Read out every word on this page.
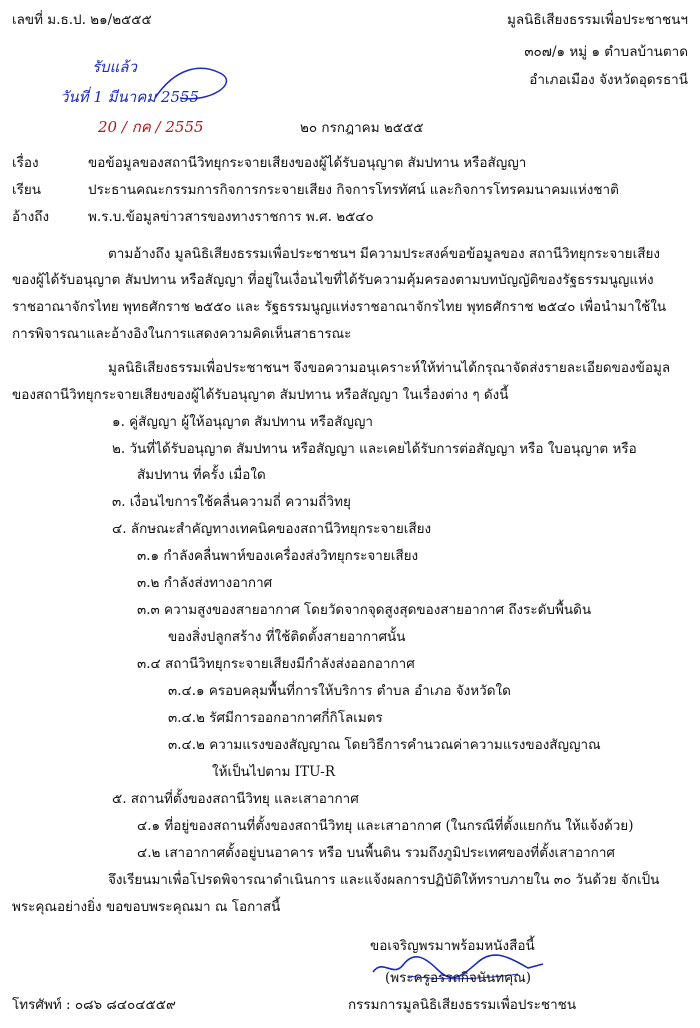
เลขที่ ม.ธ.ป. ๒๑/๒๕๕๕	มูลนิธิเสียงธรรมเพื่อประชาชนฯ
๓๐๗/๑ หมู่ ๑ ตำบลบ้านตาด
อำเภอเมือง จังหวัดอุดรธานี
รับแล้ว
วันที่ 1 มีนาคม 2555
20 / กค / 2555	๒๐ กรกฎาคม ๒๕๕๕
เรื่อง	ขอข้อมูลของสถานีวิทยุกระจายเสียงของผู้ได้รับอนุญาต สัมปทาน หรือสัญญา
เรียน	ประธานคณะกรรมการกิจการกระจายเสียง กิจการโทรทัศน์ และกิจการโทรคมนาคมแห่งชาติ
อ้างถึง	พ.ร.บ.ข้อมูลข่าวสารของทางราชการ พ.ศ. ๒๕๔๐
ตามอ้างถึง มูลนิธิเสียงธรรมเพื่อประชาชนฯ มีความประสงค์ขอข้อมูลของ สถานีวิทยุกระจายเสียง
ของผู้ได้รับอนุญาต สัมปทาน หรือสัญญา ที่อยู่ในเงื่อนไขที่ได้รับความคุ้มครองตามบทบัญญัติของรัฐธรรมนูญแห่ง
ราชอาณาจักรไทย พุทธศักราช ๒๕๕๐ และ รัฐธรรมนูญแห่งราชอาณาจักรไทย พุทธศักราช ๒๕๔๐ เพื่อนำมาใช้ใน
การพิจารณาและอ้างอิงในการแสดงความคิดเห็นสาธารณะ
มูลนิธิเสียงธรรมเพื่อประชาชนฯ จึงขอความอนุเคราะห์ให้ท่านได้กรุณาจัดส่งรายละเอียดของข้อมูล
ของสถานีวิทยุกระจายเสียงของผู้ได้รับอนุญาต สัมปทาน หรือสัญญา ในเรื่องต่าง ๆ ดังนี้
๑. คู่สัญญา ผู้ให้อนุญาต สัมปทาน หรือสัญญา
๒. วันที่ได้รับอนุญาต สัมปทาน หรือสัญญา และเคยได้รับการต่อสัญญา หรือ ใบอนุญาต หรือ
สัมปทาน ที่ครั้ง เมื่อใด
๓. เงื่อนไขการใช้คลื่นความถี่ ความถี่วิทยุ
๔. ลักษณะสำคัญทางเทคนิคของสถานีวิทยุกระจายเสียง
๓.๑ กำลังคลื่นพาห์ของเครื่องส่งวิทยุกระจายเสียง
๓.๒ กำลังส่งทางอากาศ
๓.๓ ความสูงของสายอากาศ โดยวัดจากจุดสูงสุดของสายอากาศ ถึงระดับพื้นดิน
ของสิ่งปลูกสร้าง ที่ใช้ติดตั้งสายอากาศนั้น
๓.๔ สถานีวิทยุกระจายเสียงมีกำลังส่งออกอากาศ
๓.๔.๑ ครอบคลุมพื้นที่การให้บริการ ตำบล อำเภอ จังหวัดใด
๓.๔.๒ รัศมีการออกอากาศกี่กิโลเมตร
๓.๔.๒ ความแรงของสัญญาณ โดยวิธีการคำนวณค่าความแรงของสัญญาณ
ให้เป็นไปตาม ITU-R
๕. สถานที่ตั้งของสถานีวิทยุ และเสาอากาศ
๔.๑ ที่อยู่ของสถานที่ตั้งของสถานีวิทยุ และเสาอากาศ (ในกรณีที่ตั้งแยกกัน ให้แจ้งด้วย)
๔.๒ เสาอากาศตั้งอยู่บนอาคาร หรือ บนพื้นดิน รวมถึงภูมิประเทศของที่ตั้งเสาอากาศ
จึงเรียนมาเพื่อโปรดพิจารณาดำเนินการ และแจ้งผลการปฏิบัติให้ทราบภายใน ๓๐ วันด้วย จักเป็น
พระคุณอย่างยิ่ง ขอขอบพระคุณมา ณ โอกาสนี้
ขอเจริญพรมาพร้อมหนังสือนี้
(พระครูอรรถกิจนันทคุณ)
กรรมการมูลนิธิเสียงธรรมเพื่อประชาชน
โทรศัพท์ : ๐๘๖ ๘๔๐๔๕๕๙
